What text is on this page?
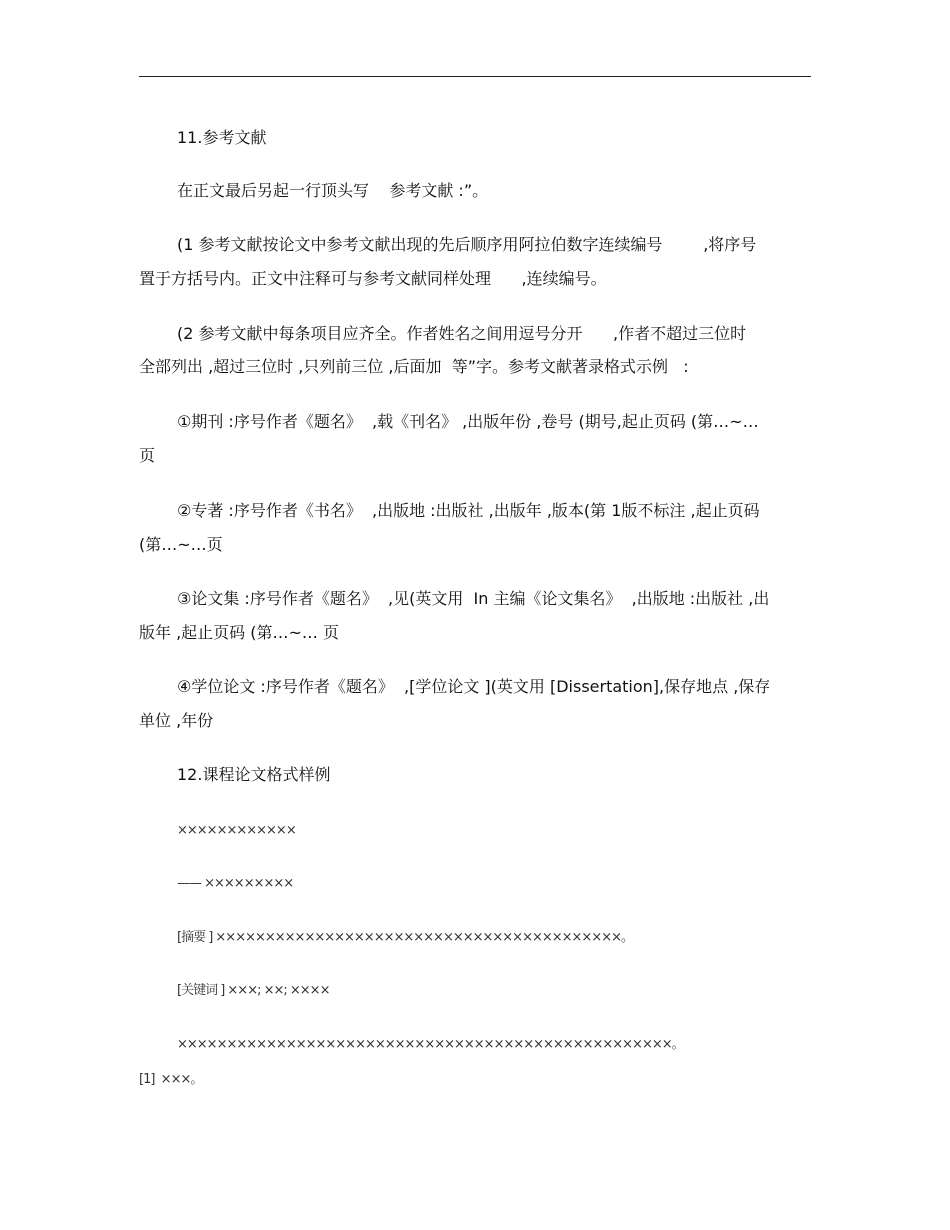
11.参考文献
在正文最后另起一行顶头写    参考文献 :”。
(1 参考文献按论文中参考文献出现的先后顺序用阿拉伯数字连续编号        ,将序号
置于方括号内。正文中注释可与参考文献同样处理      ,连续编号。
(2 参考文献中每条项目应齐全。作者姓名之间用逗号分开      ,作者不超过三位时
全部列出 ,超过三位时 ,只列前三位 ,后面加  等”字。参考文献著录格式示例   :
①期刊 :序号作者《题名》  ,载《刊名》 ,出版年份 ,卷号 (期号,起止页码 (第…~…
页
②专著 :序号作者《书名》  ,出版地 :出版社 ,出版年 ,版本(第 1版不标注 ,起止页码
(第…~…页
③论文集 :序号作者《题名》  ,见(英文用  In 主编《论文集名》  ,出版地 :出版社 ,出
版年 ,起止页码 (第…~… 页
④学位论文 :序号作者《题名》  ,[学位论文 ](英文用 [Dissertation],保存地点 ,保存
单位 ,年份
12.课程论文格式样例
××××××××××××
—— ×××××××××
[摘要 ] ×××××××××××××××××××××××××××××××××××××××××。
[关键词 ] ×××; ××; ××××
××××××××××××××××××××××××××××××××××××××××××××××××××。
[1]  ×××。
